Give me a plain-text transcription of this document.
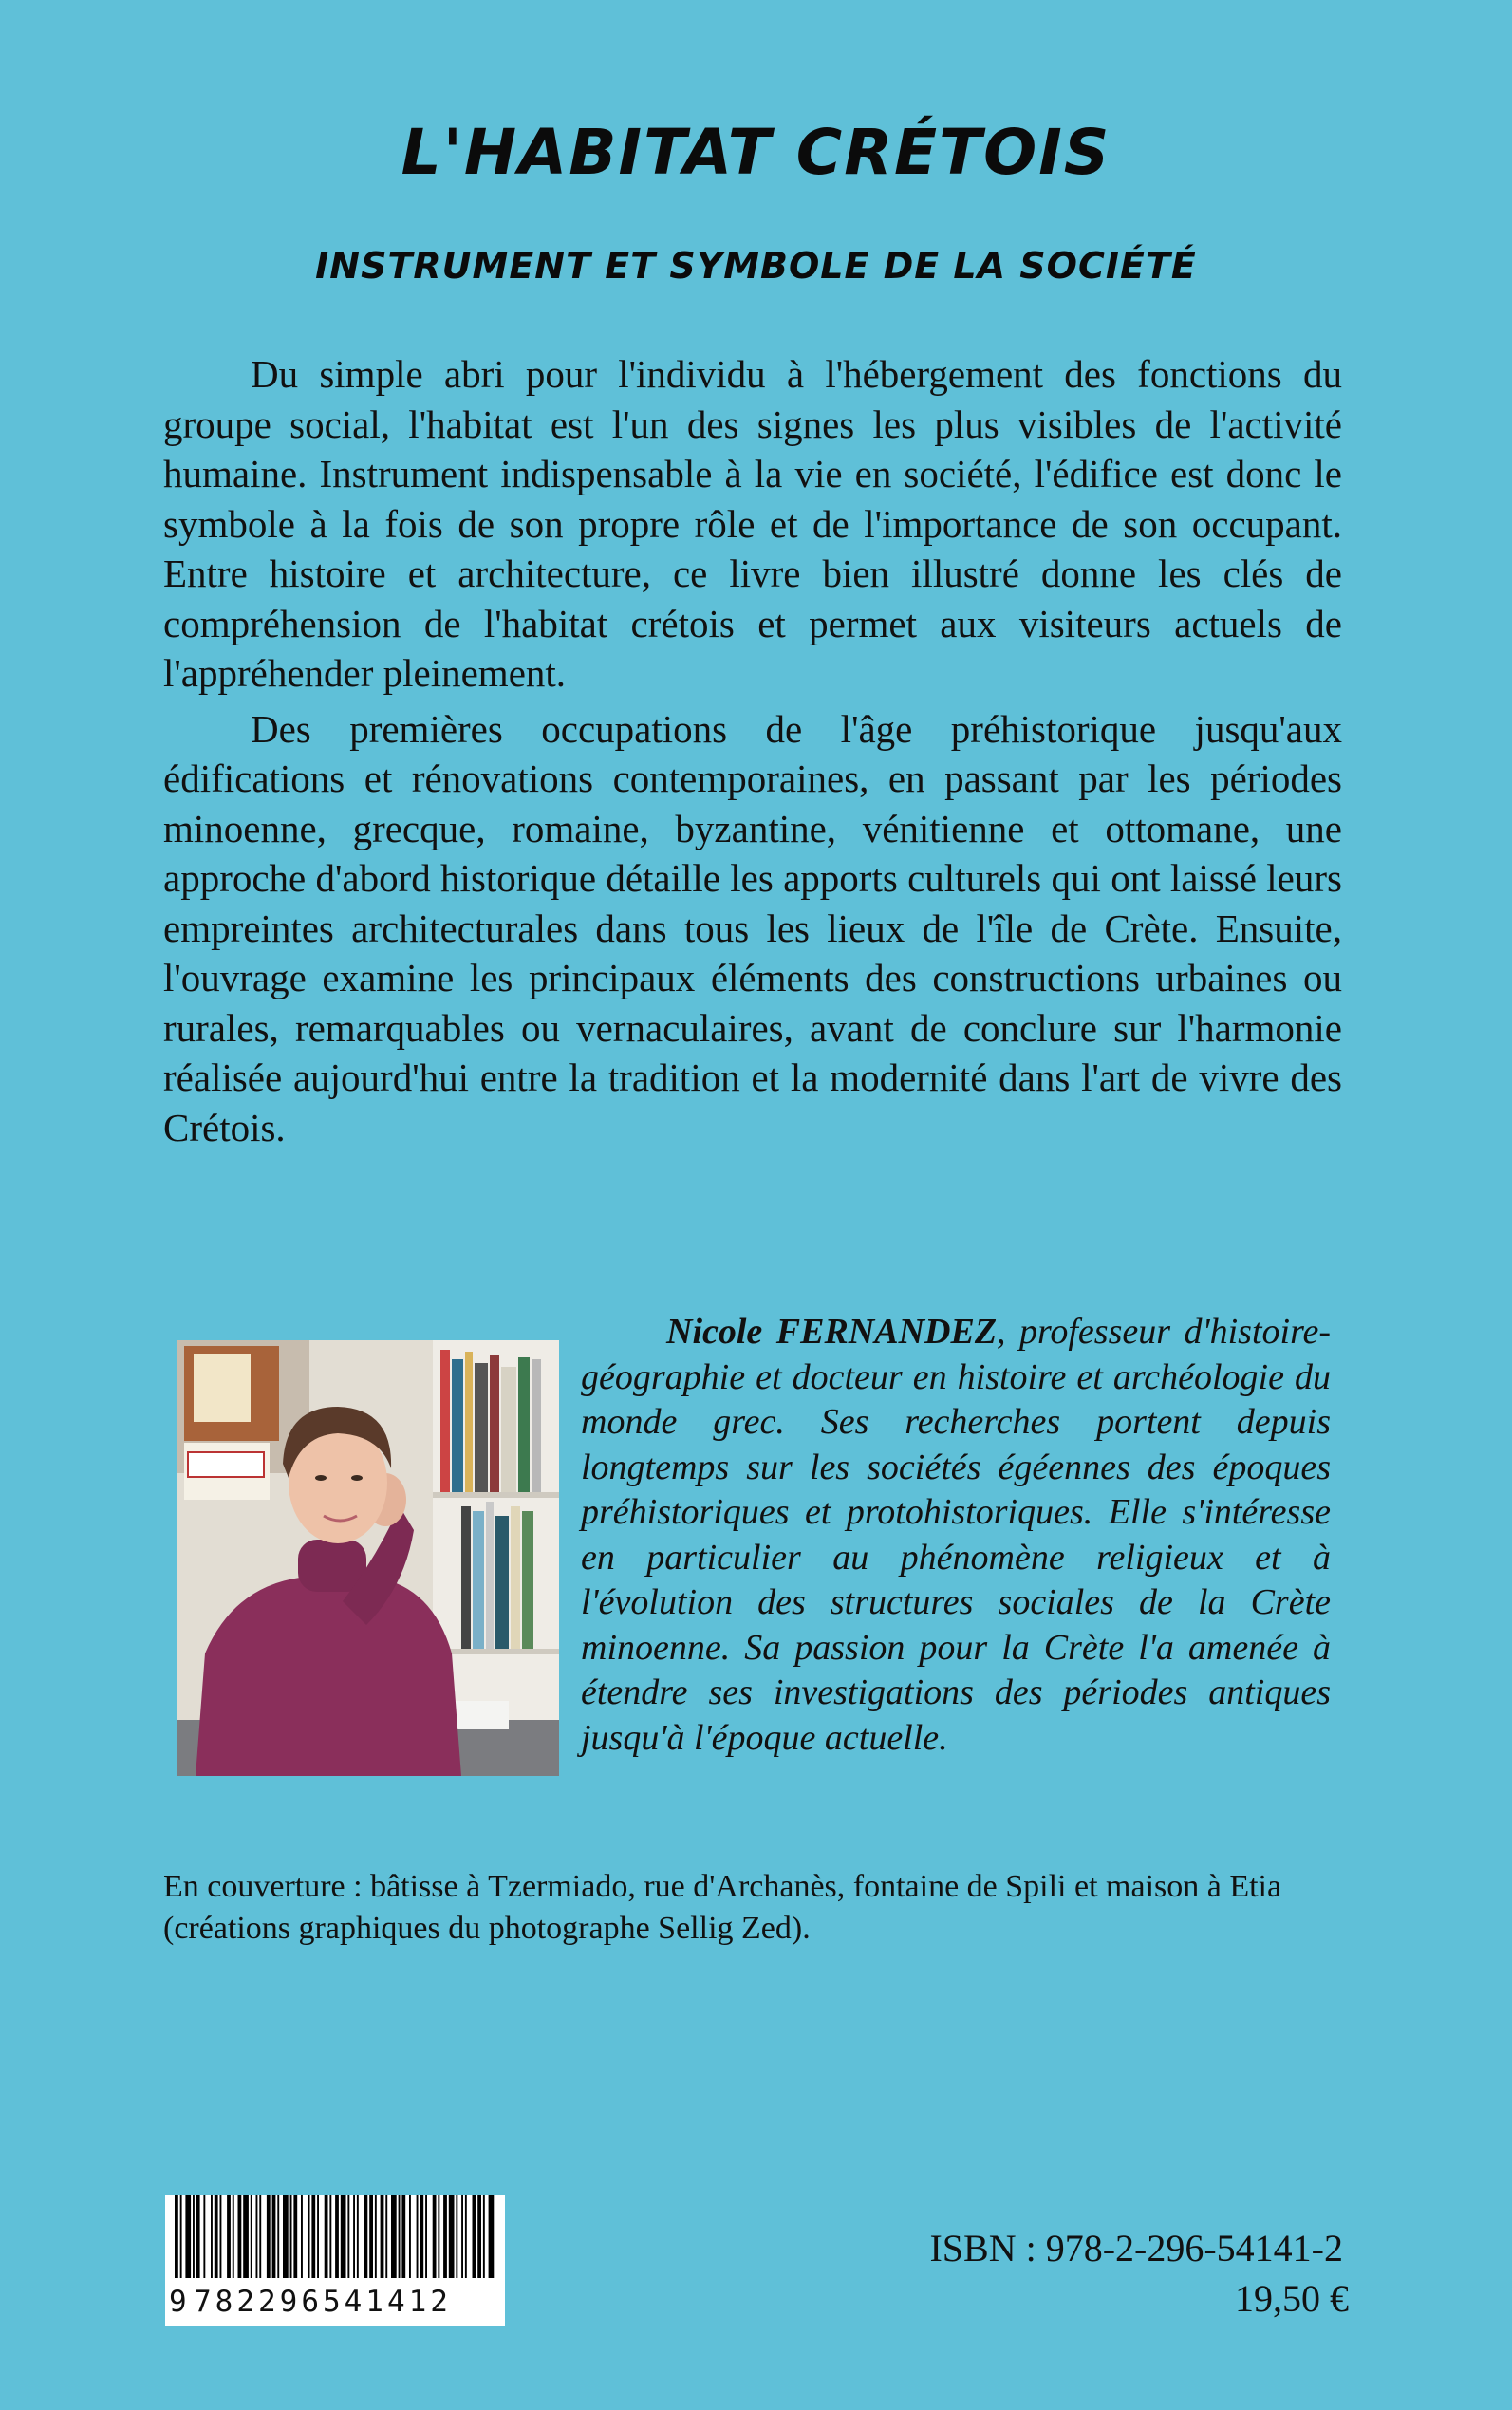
L'HABITAT CRÉTOIS
INSTRUMENT ET SYMBOLE DE LA SOCIÉTÉ

Du simple abri pour l'individu à l'hébergement des fonctions du groupe social, l'habitat est l'un des signes les plus visibles de l'activité humaine. Instrument indispensable à la vie en société, l'édifice est donc le symbole à la fois de son propre rôle et de l'importance de son occupant. Entre histoire et architecture, ce livre bien illustré donne les clés de compréhension de l'habitat crétois et permet aux visiteurs actuels de l'appréhender pleinement.

Des premières occupations de l'âge préhistorique jusqu'aux édifications et rénovations contemporaines, en passant par les périodes minoenne, grecque, romaine, byzantine, vénitienne et ottomane, une approche d'abord historique détaille les apports culturels qui ont laissé leurs empreintes architecturales dans tous les lieux de l'île de Crète. Ensuite, l'ouvrage examine les principaux éléments des constructions urbaines ou rurales, remarquables ou vernaculaires, avant de conclure sur l'harmonie réalisée aujourd'hui entre la tradition et la modernité dans l'art de vivre des Crétois.

Nicole FERNANDEZ, professeur d'histoire-géographie et docteur en histoire et archéologie du monde grec. Ses recherches portent depuis longtemps sur les sociétés égéennes des époques préhistoriques et protohistoriques. Elle s'intéresse en particulier au phénomène religieux et à l'évolution des structures sociales de la Crète minoenne. Sa passion pour la Crète l'a amenée à étendre ses investigations des périodes antiques jusqu'à l'époque actuelle.
En couverture : bâtisse à Tzermiado, rue d'Archanès, fontaine de Spili et maison à Etia (créations graphiques du photographe Sellig Zed).
9 782296541412
ISBN : 978-2-296-54141-2
19,50 €
